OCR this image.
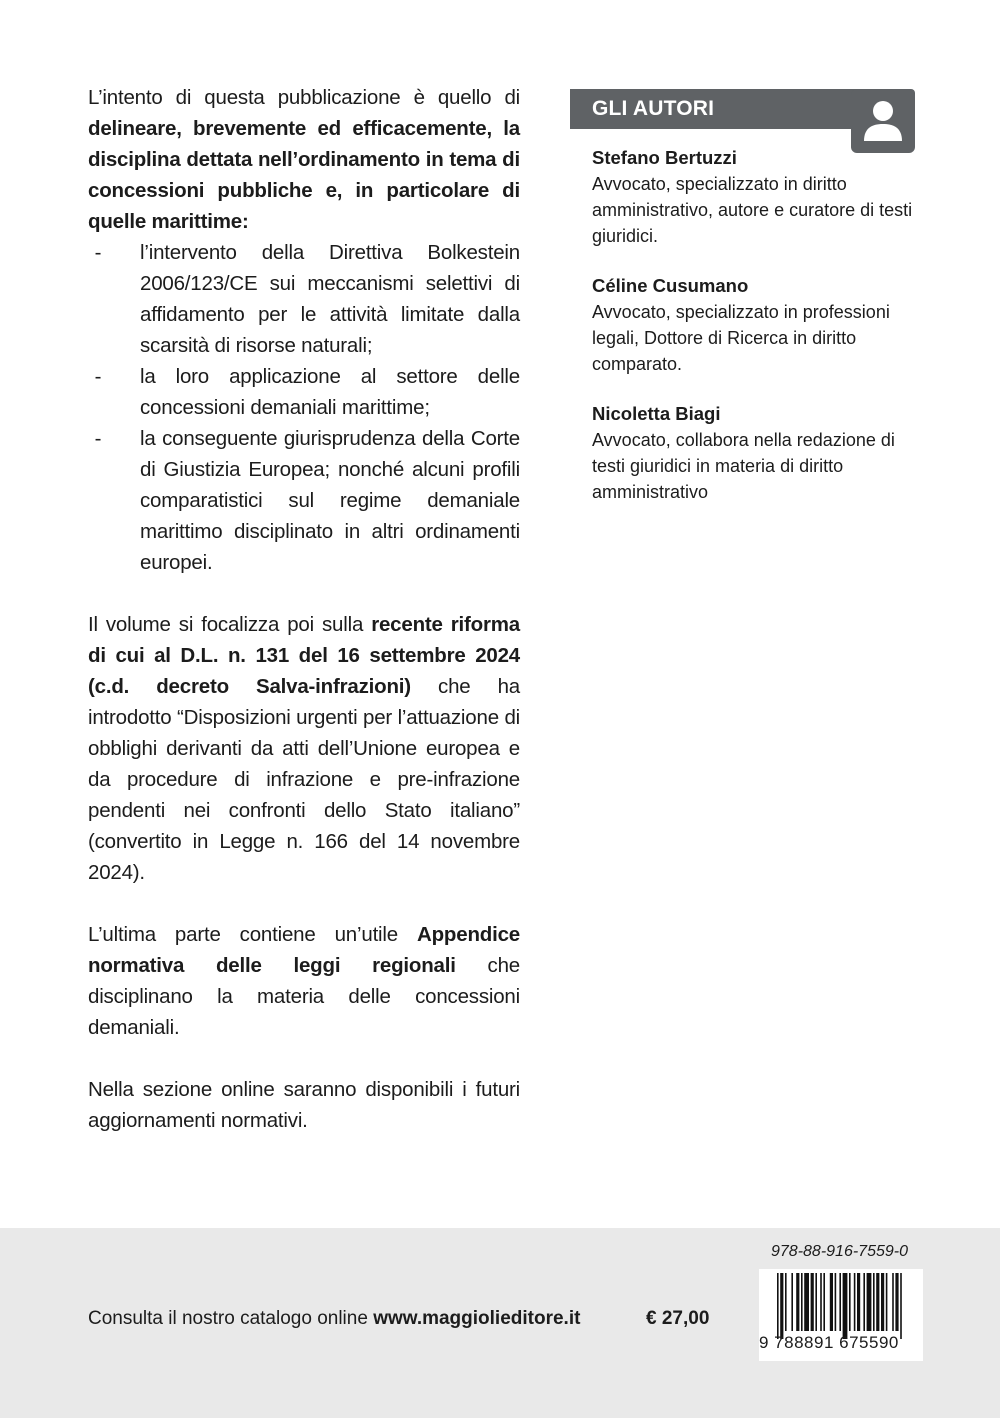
L’intento di questa pubblicazione è quello di delineare, brevemente ed efficacemente, la disciplina dettata nell’ordinamento in tema di concessioni pubbliche e, in particolare di quelle marittime:

-	l’intervento della Direttiva Bolkestein 2006/123/CE sui meccanismi selettivi di affidamento per le attività limitate dalla scarsità di risorse naturali;
-	la loro applicazione al settore delle concessioni demaniali marittime;
-	la conseguente giurisprudenza della Corte di Giustizia Europea; nonché alcuni profili comparatistici sul regime demaniale marittimo disciplinato in altri ordinamenti europei.

Il volume si focalizza poi sulla recente riforma di cui al D.L. n. 131 del 16 settembre 2024 (c.d. decreto Salva-infrazioni) che ha introdotto “Disposizioni urgenti per l’attuazione di obblighi derivanti da atti dell’Unione europea e da procedure di infrazione e pre-infrazione pendenti nei confronti dello Stato italiano” (convertito in Legge n. 166 del 14 novembre 2024).

L’ultima parte contiene un’utile Appendice normativa delle leggi regionali che disciplinano la materia delle concessioni demaniali.

Nella sezione online saranno disponibili i futuri aggiornamenti normativi.

GLI AUTORI
Stefano Bertuzzi
Avvocato, specializzato in diritto amministrativo, autore e curatore di testi giuridici.
Céline Cusumano
Avvocato, specializzato in professioni legali, Dottore di Ricerca in diritto comparato.
Nicoletta Biagi
Avvocato, collabora nella redazione di testi giuridici in materia di diritto amministrativo
Consulta il nostro catalogo online www.maggiolieditore.it	€ 27,00
978-88-916-7559-0
9 788891 675590
